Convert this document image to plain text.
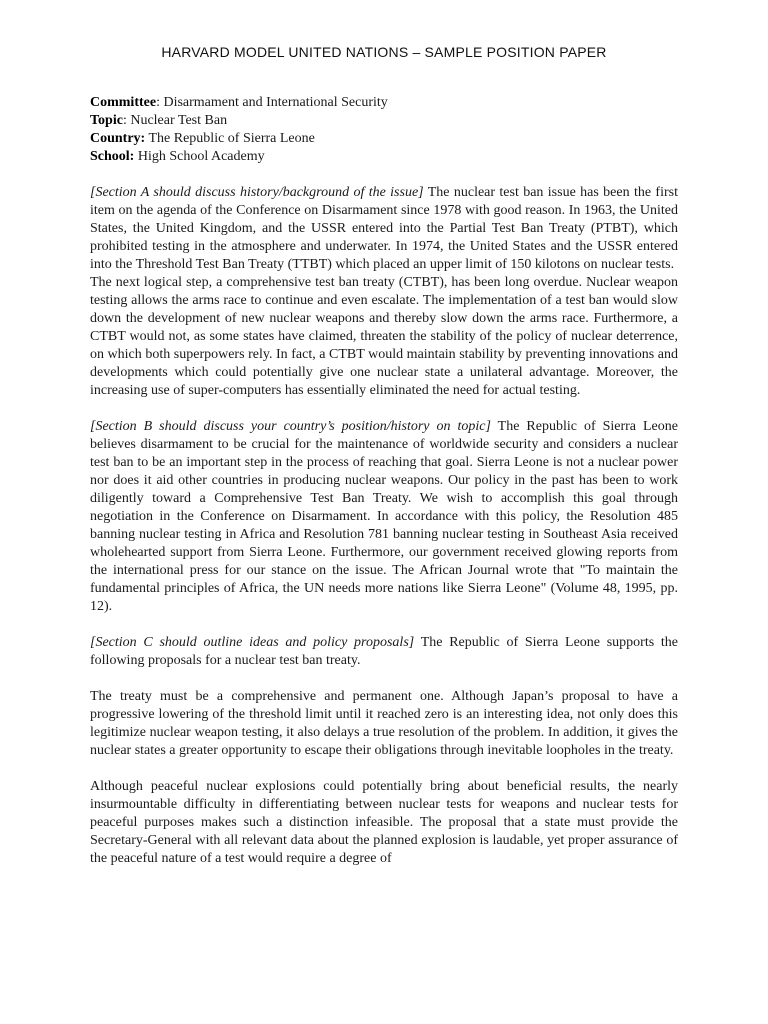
HARVARD MODEL UNITED NATIONS – SAMPLE POSITION PAPER
Committee: Disarmament and International Security
Topic: Nuclear Test Ban
Country: The Republic of Sierra Leone
School: High School Academy

[Section A should discuss history/background of the issue] The nuclear test ban issue has been the first item on the agenda of the Conference on Disarmament since 1978 with good reason. In 1963, the United States, the United Kingdom, and the USSR entered into the Partial Test Ban Treaty (PTBT), which prohibited testing in the atmosphere and underwater. In 1974, the United States and the USSR entered into the Threshold Test Ban Treaty (TTBT) which placed an upper limit of 150 kilotons on nuclear tests.

The next logical step, a comprehensive test ban treaty (CTBT), has been long overdue. Nuclear weapon testing allows the arms race to continue and even escalate. The implementation of a test ban would slow down the development of new nuclear weapons and thereby slow down the arms race. Furthermore, a CTBT would not, as some states have claimed, threaten the stability of the policy of nuclear deterrence, on which both superpowers rely. In fact, a CTBT would maintain stability by preventing innovations and developments which could potentially give one nuclear state a unilateral advantage. Moreover, the increasing use of super-computers has essentially eliminated the need for actual testing.

[Section B should discuss your country’s position/history on topic] The Republic of Sierra Leone believes disarmament to be crucial for the maintenance of worldwide security and considers a nuclear test ban to be an important step in the process of reaching that goal. Sierra Leone is not a nuclear power nor does it aid other countries in producing nuclear weapons. Our policy in the past has been to work diligently toward a Comprehensive Test Ban Treaty. We wish to accomplish this goal through negotiation in the Conference on Disarmament. In accordance with this policy, the Resolution 485 banning nuclear testing in Africa and Resolution 781 banning nuclear testing in Southeast Asia received wholehearted support from Sierra Leone. Furthermore, our government received glowing reports from the international press for our stance on the issue. The African Journal wrote that "To maintain the fundamental principles of Africa, the UN needs more nations like Sierra Leone" (Volume 48, 1995, pp. 12).

[Section C should outline ideas and policy proposals] The Republic of Sierra Leone supports the following proposals for a nuclear test ban treaty.

The treaty must be a comprehensive and permanent one. Although Japan’s proposal to have a progressive lowering of the threshold limit until it reached zero is an interesting idea, not only does this legitimize nuclear weapon testing, it also delays a true resolution of the problem. In addition, it gives the nuclear states a greater opportunity to escape their obligations through inevitable loopholes in the treaty.

Although peaceful nuclear explosions could potentially bring about beneficial results, the nearly insurmountable difficulty in differentiating between nuclear tests for weapons and nuclear tests for peaceful purposes makes such a distinction infeasible. The proposal that a state must provide the Secretary-General with all relevant data about the planned explosion is laudable, yet proper assurance of the peaceful nature of a test would require a degree of
